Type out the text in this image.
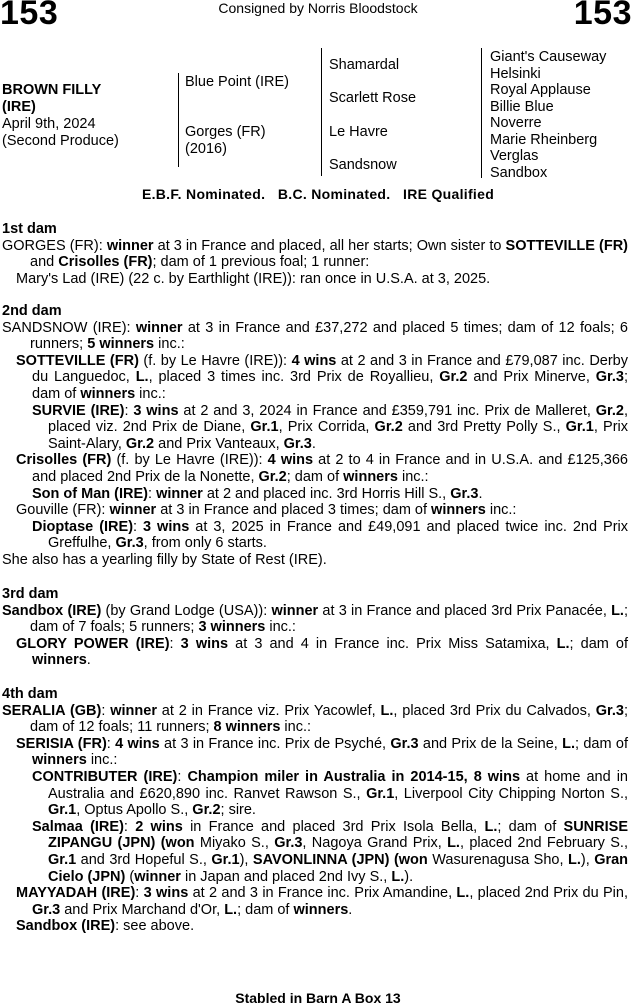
153	Consigned by Norris Bloodstock	153
BROWN FILLY
(IRE)
April 9th, 2024
(Second Produce)
Blue Point (IRE)
Gorges (FR)
(2016)
Shamardal
Scarlett Rose
Le Havre
Sandsnow
Giant's Causeway
Helsinki
Royal Applause
Billie Blue
Noverre
Marie Rheinberg
Verglas
Sandbox
E.B.F. Nominated.   B.C. Nominated.   IRE Qualified
1st dam
GORGES (FR): winner at 3 in France and placed, all her starts; Own sister to SOTTEVILLE (FR) and Crisolles (FR); dam of 1 previous foal; 1 runner:
Mary's Lad (IRE) (22 c. by Earthlight (IRE)): ran once in U.S.A. at 3, 2025.
2nd dam
SANDSNOW (IRE): winner at 3 in France and £37,272 and placed 5 times; dam of 12 foals; 6 runners; 5 winners inc.:
SOTTEVILLE (FR) (f. by Le Havre (IRE)): 4 wins at 2 and 3 in France and £79,087 inc. Derby du Languedoc, L., placed 3 times inc. 3rd Prix de Royallieu, Gr.2 and Prix Minerve, Gr.3; dam of winners inc.:
SURVIE (IRE): 3 wins at 2 and 3, 2024 in France and £359,791 inc. Prix de Malleret, Gr.2, placed viz. 2nd Prix de Diane, Gr.1, Prix Corrida, Gr.2 and 3rd Pretty Polly S., Gr.1, Prix Saint-Alary, Gr.2 and Prix Vanteaux, Gr.3.
Crisolles (FR) (f. by Le Havre (IRE)): 4 wins at 2 to 4 in France and in U.S.A. and £125,366 and placed 2nd Prix de la Nonette, Gr.2; dam of winners inc.:
Son of Man (IRE): winner at 2 and placed inc. 3rd Horris Hill S., Gr.3.
Gouville (FR): winner at 3 in France and placed 3 times; dam of winners inc.:
Dioptase (IRE): 3 wins at 3, 2025 in France and £49,091 and placed twice inc. 2nd Prix Greffulhe, Gr.3, from only 6 starts.
She also has a yearling filly by State of Rest (IRE).
3rd dam
Sandbox (IRE) (by Grand Lodge (USA)): winner at 3 in France and placed 3rd Prix Panacée, L.; dam of 7 foals; 5 runners; 3 winners inc.:
GLORY POWER (IRE): 3 wins at 3 and 4 in France inc. Prix Miss Satamixa, L.; dam of winners.
4th dam
SERALIA (GB): winner at 2 in France viz. Prix Yacowlef, L., placed 3rd Prix du Calvados, Gr.3; dam of 12 foals; 11 runners; 8 winners inc.:
SERISIA (FR): 4 wins at 3 in France inc. Prix de Psyché, Gr.3 and Prix de la Seine, L.; dam of winners inc.:
CONTRIBUTER (IRE): Champion miler in Australia in 2014-15, 8 wins at home and in Australia and £620,890 inc. Ranvet Rawson S., Gr.1, Liverpool City Chipping Norton S., Gr.1, Optus Apollo S., Gr.2; sire.
Salmaa (IRE): 2 wins in France and placed 3rd Prix Isola Bella, L.; dam of SUNRISE ZIPANGU (JPN) (won Miyako S., Gr.3, Nagoya Grand Prix, L., placed 2nd February S., Gr.1 and 3rd Hopeful S., Gr.1), SAVONLINNA (JPN) (won Wasurenagusa Sho, L.), Gran Cielo (JPN) (winner in Japan and placed 2nd Ivy S., L.).
MAYYADAH (IRE): 3 wins at 2 and 3 in France inc. Prix Amandine, L., placed 2nd Prix du Pin, Gr.3 and Prix Marchand d'Or, L.; dam of winners.
Sandbox (IRE): see above.
Stabled in Barn A Box 13
